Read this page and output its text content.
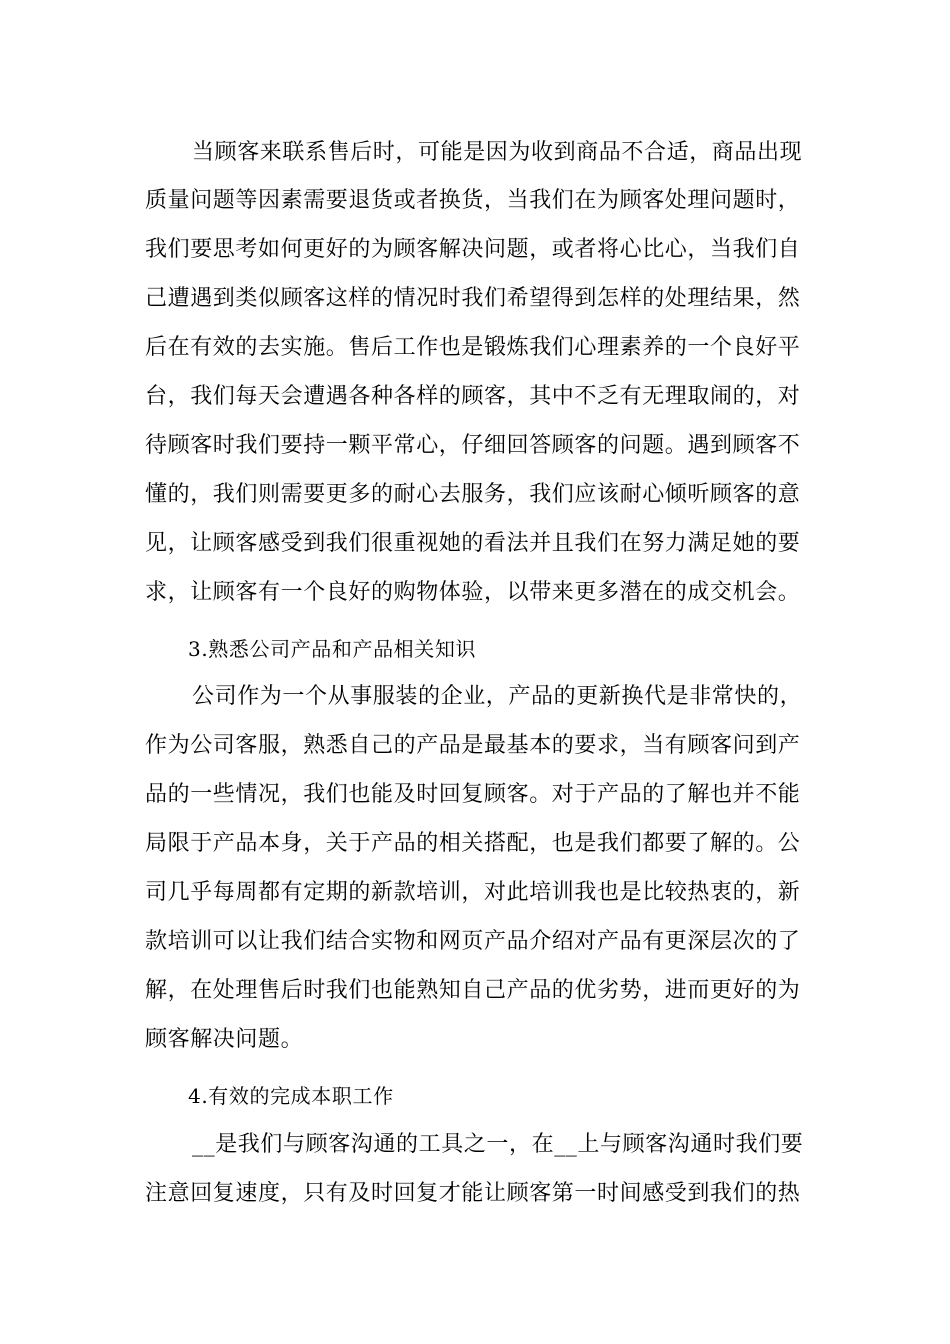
当顾客来联系售后时，可能是因为收到商品不合适，商品出现
质量问题等因素需要退货或者换货，当我们在为顾客处理问题时，
我们要思考如何更好的为顾客解决问题，或者将心比心，当我们自
己遭遇到类似顾客这样的情况时我们希望得到怎样的处理结果，然
后在有效的去实施。售后工作也是锻炼我们心理素养的一个良好平
台，我们每天会遭遇各种各样的顾客，其中不乏有无理取闹的，对
待顾客时我们要持一颗平常心，仔细回答顾客的问题。遇到顾客不
懂的，我们则需要更多的耐心去服务，我们应该耐心倾听顾客的意
见，让顾客感受到我们很重视她的看法并且我们在努力满足她的要
求，让顾客有一个良好的购物体验，以带来更多潜在的成交机会。
3.熟悉公司产品和产品相关知识
公司作为一个从事服装的企业，产品的更新换代是非常快的，
作为公司客服，熟悉自己的产品是最基本的要求，当有顾客问到产
品的一些情况，我们也能及时回复顾客。对于产品的了解也并不能
局限于产品本身，关于产品的相关搭配，也是我们都要了解的。公
司几乎每周都有定期的新款培训，对此培训我也是比较热衷的，新
款培训可以让我们结合实物和网页产品介绍对产品有更深层次的了
解，在处理售后时我们也能熟知自己产品的优劣势，进而更好的为
顾客解决问题。
4.有效的完成本职工作
__是我们与顾客沟通的工具之一，在__上与顾客沟通时我们要
注意回复速度，只有及时回复才能让顾客第一时间感受到我们的热
